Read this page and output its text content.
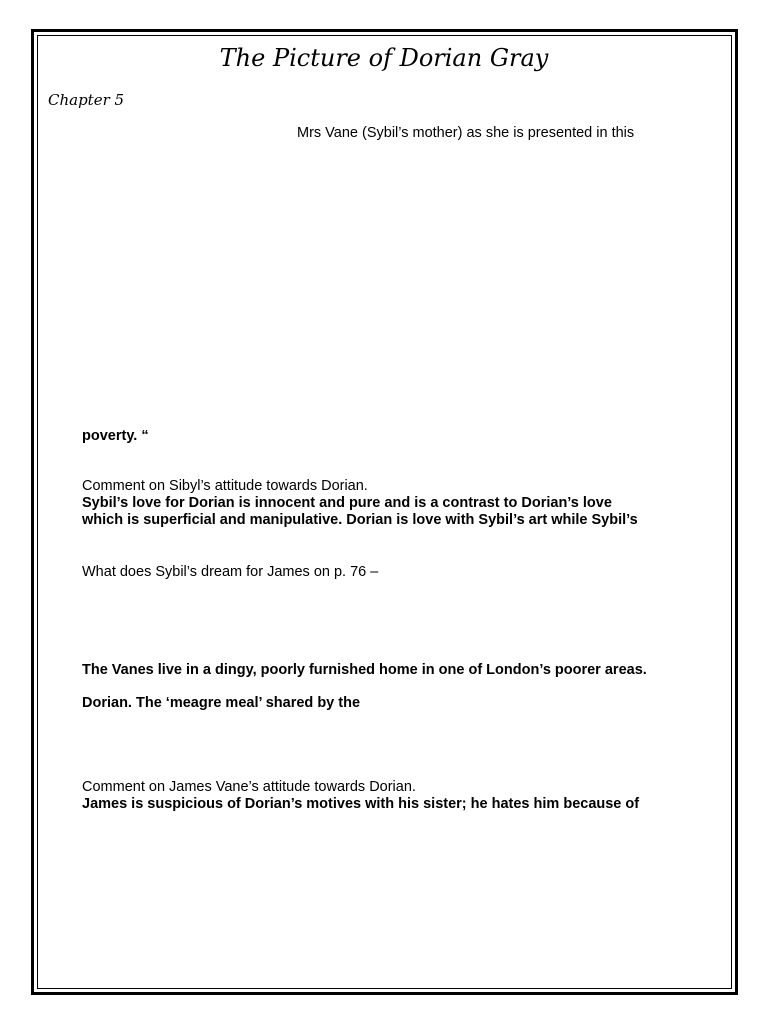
The Picture of Dorian Gray
Chapter 5
Mrs Vane (Sybil’s mother) as she is presented in this
poverty. “
Comment on Sibyl’s attitude towards Dorian.
Sybil’s love for Dorian is innocent and pure and is a contrast to Dorian’s love
which is superficial and manipulative. Dorian is love with Sybil’s art while Sybil’s
What does Sybil’s dream for James on p. 76 –
The Vanes live in a dingy, poorly furnished home in one of London’s poorer areas.
Dorian. The ‘meagre meal’ shared by the
Comment on James Vane’s attitude towards Dorian.
James is suspicious of Dorian’s motives with his sister; he hates him because of
